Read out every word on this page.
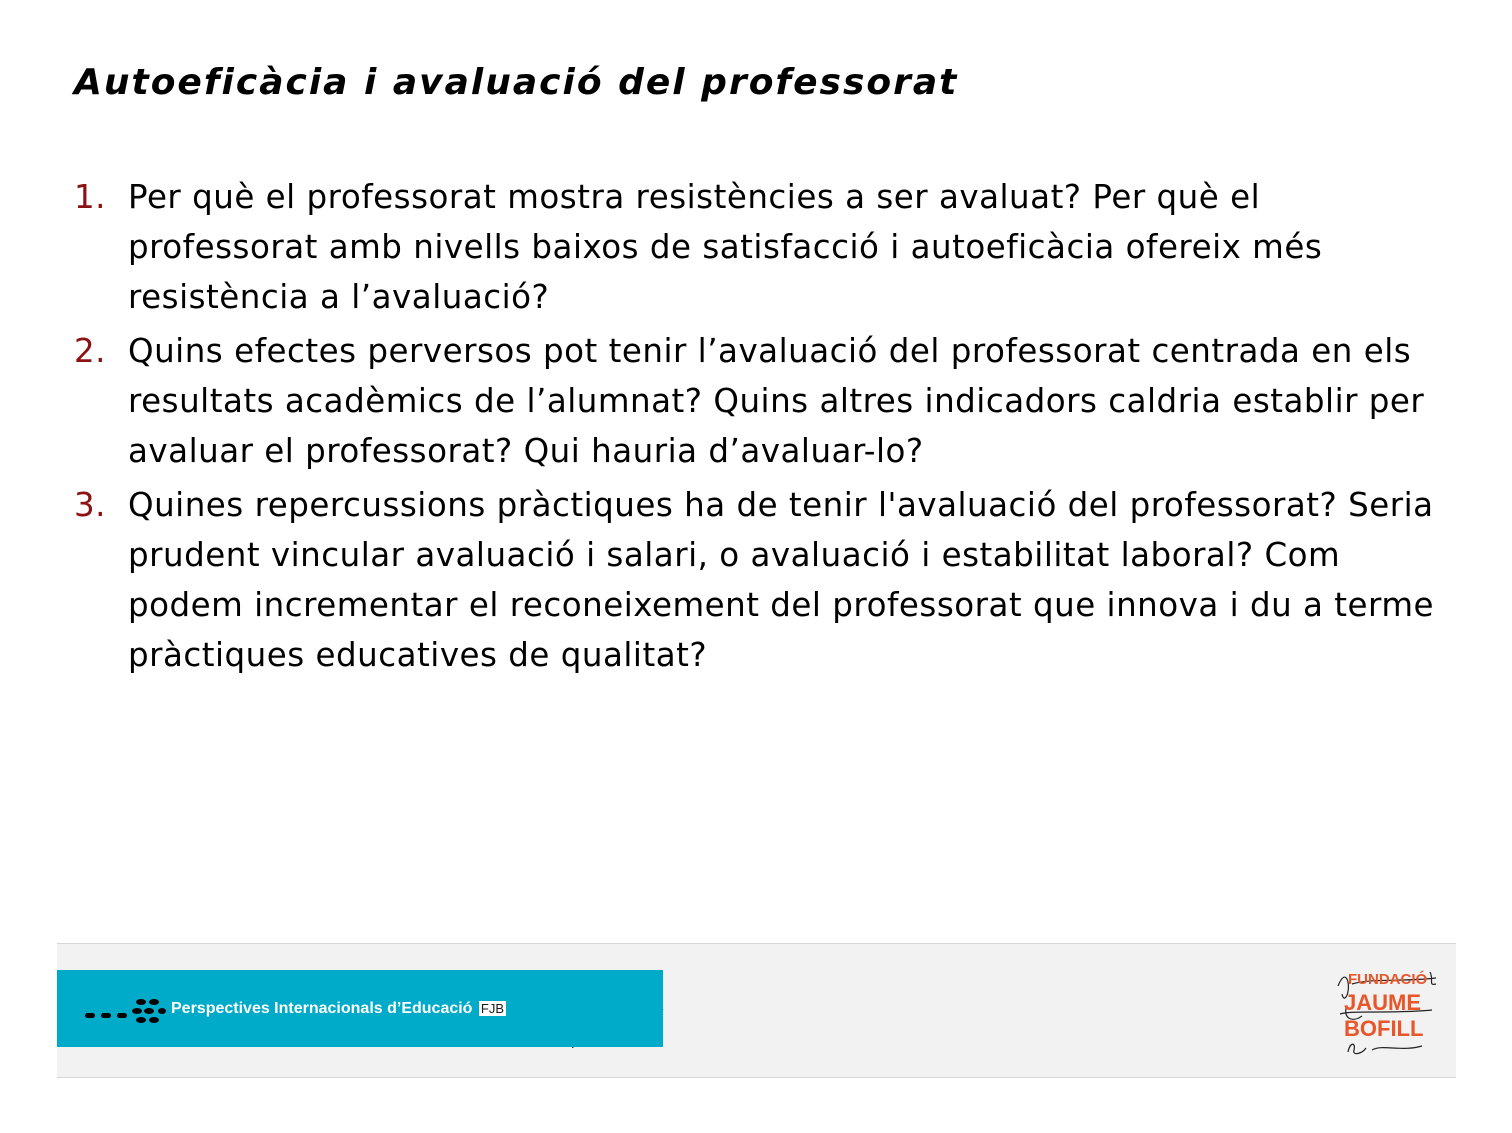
Autoeficàcia i avaluació del professorat
1. Per què el professorat mostra resistències a ser avaluat? Per què el professorat amb nivells baixos de satisfacció i autoeficàcia ofereix més resistència a l’avaluació?
2. Quins efectes perversos pot tenir l’avaluació del professorat centrada en els resultats acadèmics de l’alumnat? Quins altres indicadors caldria establir per avaluar el professorat? Qui hauria d’avaluar-lo?
3. Quines repercussions pràctiques ha de tenir l'avaluació del professorat? Seria prudent vincular avaluació i salari, o avaluació i estabilitat laboral? Com podem incrementar el reconeixement del professorat que innova i du a terme pràctiques educatives de qualitat?
Perspectives Internacionals d’Educació FJB
FUNDACIÓ
JAUME
BOFILL
